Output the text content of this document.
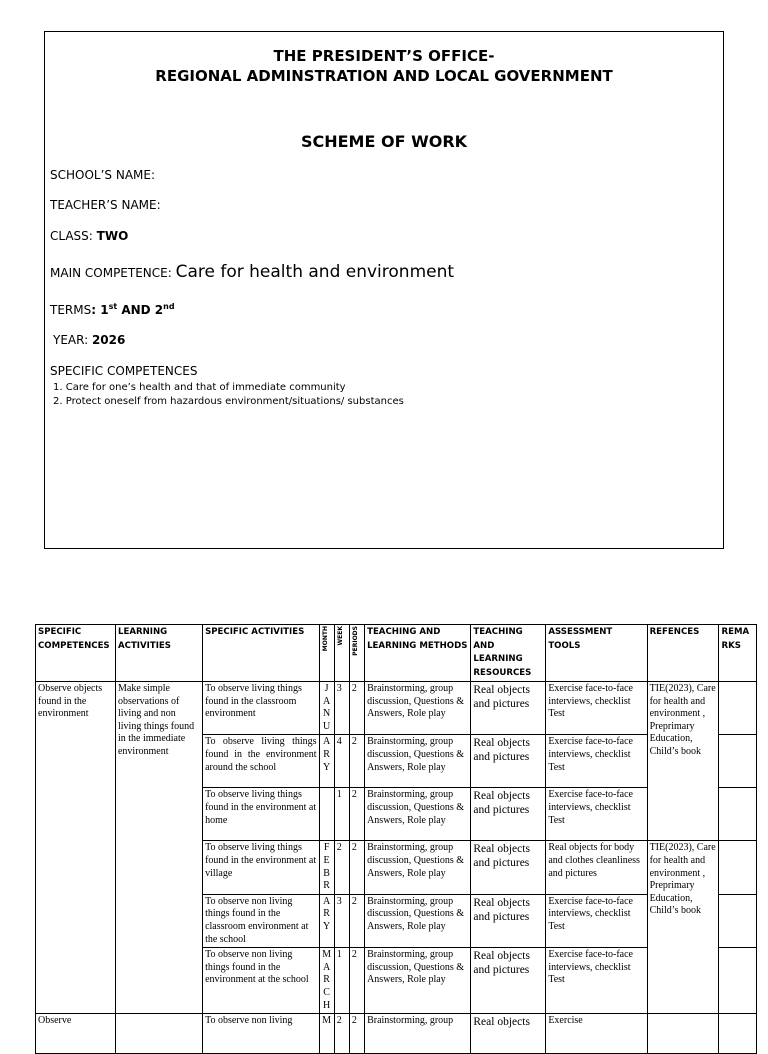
THE PRESIDENT’S OFFICE-
REGIONAL ADMINSTRATION AND LOCAL GOVERNMENT
SCHEME OF WORK
SCHOOL’S NAME:
TEACHER’S NAME:
CLASS: TWO
MAIN COMPETENCE: Care for health and environment
TERMS: 1st AND 2nd
YEAR: 2026
SPECIFIC COMPETENCES
1. Care for one’s health and that of immediate community
2. Protect oneself from hazardous environment/situations/ substances
SPECIFIC COMPETENCES	LEARNING ACTIVITIES	SPECIFIC ACTIVITIES	MONTH	WEEK	PERIODS	TEACHING AND LEARNING METHODS	TEACHING AND LEARNING RESOURCES	ASSESSMENT TOOLS	REFENCES	REMA RKS
Observe objects found in the environment	Make simple observations of living and non living things found in the immediate environment	To observe living things found in the classroom environment	JANU	3	2	Brainstorming, group discussion, Questions & Answers, Role play	Real objects and pictures	Exercise face-to-face interviews, checklist Test	TIE(2023), Care for health and environment , Preprimary Education, Child’s book	
		To observe living things found in the environment around the school	ARY	4	2	Brainstorming, group discussion, Questions & Answers, Role play	Real objects and pictures	Exercise face-to-face interviews, checklist Test		
		To observe living things found in the environment at home		1	2	Brainstorming, group discussion, Questions & Answers, Role play	Real objects and pictures	Exercise face-to-face interviews, checklist Test		
		To observe living things found in the environment at village	FEBR	2	2	Brainstorming, group discussion, Questions & Answers, Role play	Real objects and pictures	Real objects for body and clothes cleanliness and pictures	TIE(2023), Care for health and environment , Preprimary Education, Child’s book	
		To observe non living things found in the classroom environment at the school	ARY	3	2	Brainstorming, group discussion, Questions & Answers, Role play	Real objects and pictures	Exercise face-to-face interviews, checklist Test		
		To observe non living things found in the environment at the school	MARCH	1	2	Brainstorming, group discussion, Questions & Answers, Role play	Real objects and pictures	Exercise face-to-face interviews, checklist Test		
Observe		To observe non living	M	2	2	Brainstorming, group	Real objects	Exercise		
